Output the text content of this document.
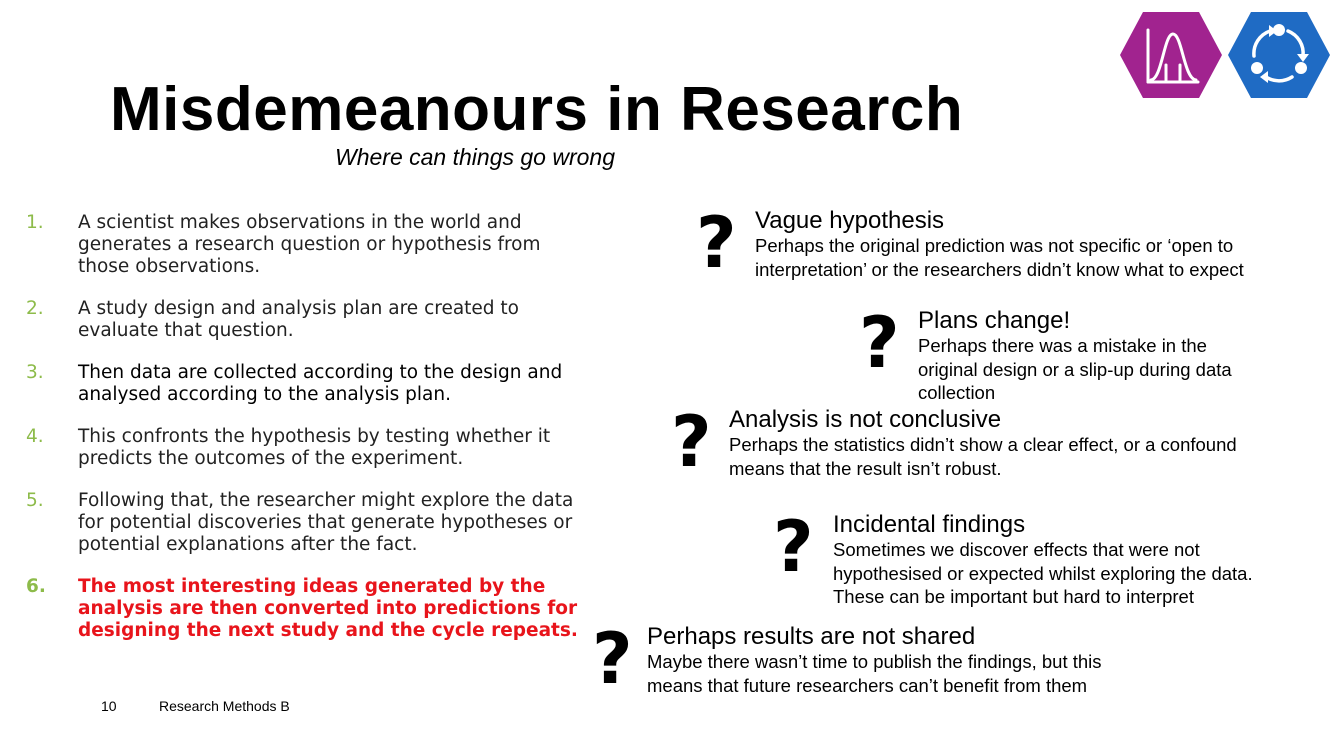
Misdemeanours in Research
Where can things go wrong
1. A scientist makes observations in the world and generates a research question or hypothesis from those observations.
2. A study design and analysis plan are created to evaluate that question.
3. Then data are collected according to the design and analysed according to the analysis plan.
4. This confronts the hypothesis by testing whether it predicts the outcomes of the experiment.
5. Following that, the researcher might explore the data for potential discoveries that generate hypotheses or potential explanations after the fact.
6. The most interesting ideas generated by the analysis are then converted into predictions for designing the next study and the cycle repeats.
? Vague hypothesis
Perhaps the original prediction was not specific or ‘open to interpretation’ or the researchers didn’t know what to expect
? Plans change!
Perhaps there was a mistake in the original design or a slip-up during data collection
? Analysis is not conclusive
Perhaps the statistics didn’t show a clear effect, or a confound means that the result isn’t robust.
? Incidental findings
Sometimes we discover effects that were not hypothesised or expected whilst exploring the data. These can be important but hard to interpret
? Perhaps results are not shared
Maybe there wasn’t time to publish the findings, but this means that future researchers can’t benefit from them
10	Research Methods B
